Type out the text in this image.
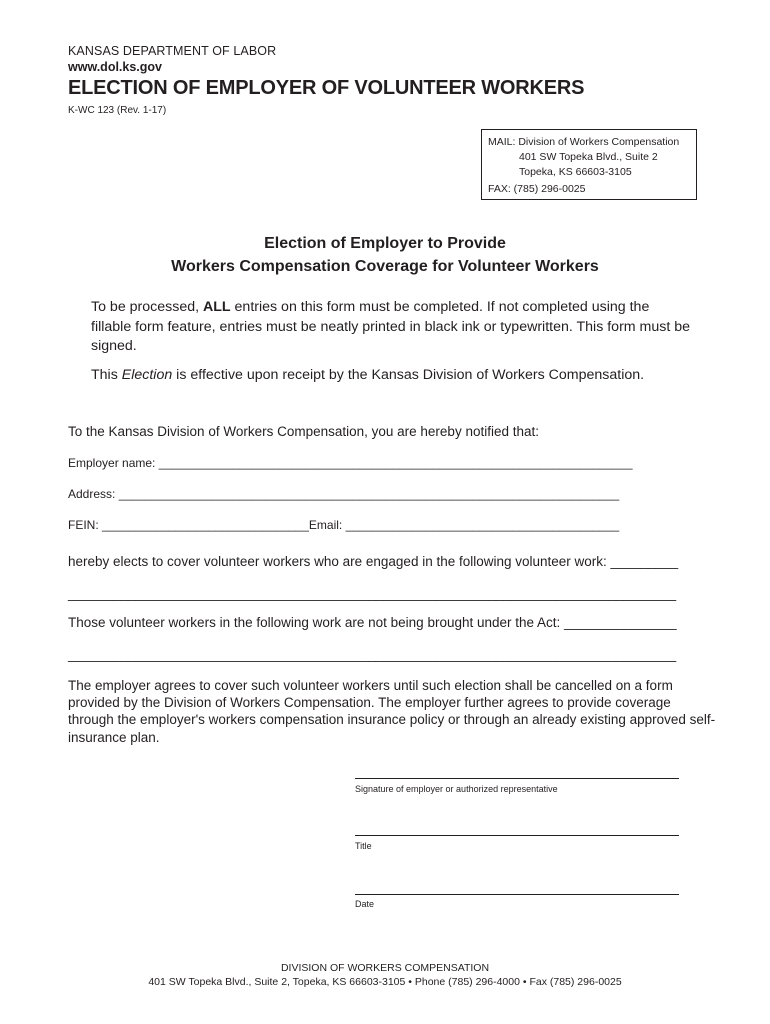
KANSAS DEPARTMENT OF LABOR
www.dol.ks.gov
ELECTION OF EMPLOYER OF VOLUNTEER WORKERS
K-WC 123 (Rev. 1-17)
MAIL: Division of Workers Compensation
401 SW Topeka Blvd., Suite 2
Topeka, KS 66603-3105
FAX: (785) 296-0025
Election of Employer to Provide
Workers Compensation Coverage for Volunteer Workers
To be processed, ALL entries on this form must be completed. If not completed using the fillable form feature, entries must be neatly printed in black ink or typewritten. This form must be signed.
This Election is effective upon receipt by the Kansas Division of Workers Compensation.
To the Kansas Division of Workers Compensation, you are hereby notified that:
Employer name: _______________________________________________________________________
Address: ___________________________________________________________________________
FEIN: _______________________________Email: _________________________________________
hereby elects to cover volunteer workers who are engaged in the following volunteer work: _________
_________________________________________________________________________________
Those volunteer workers in the following work are not being brought under the Act: _______________
_________________________________________________________________________________
The employer agrees to cover such volunteer workers until such election shall be cancelled on a form provided by the Division of Workers Compensation. The employer further agrees to provide coverage through the employer's workers compensation insurance policy or through an already existing approved self-insurance plan.
Signature of employer or authorized representative
Title
Date
DIVISION OF WORKERS COMPENSATION
401 SW Topeka Blvd., Suite 2, Topeka, KS 66603-3105 • Phone (785) 296-4000 • Fax (785) 296-0025
